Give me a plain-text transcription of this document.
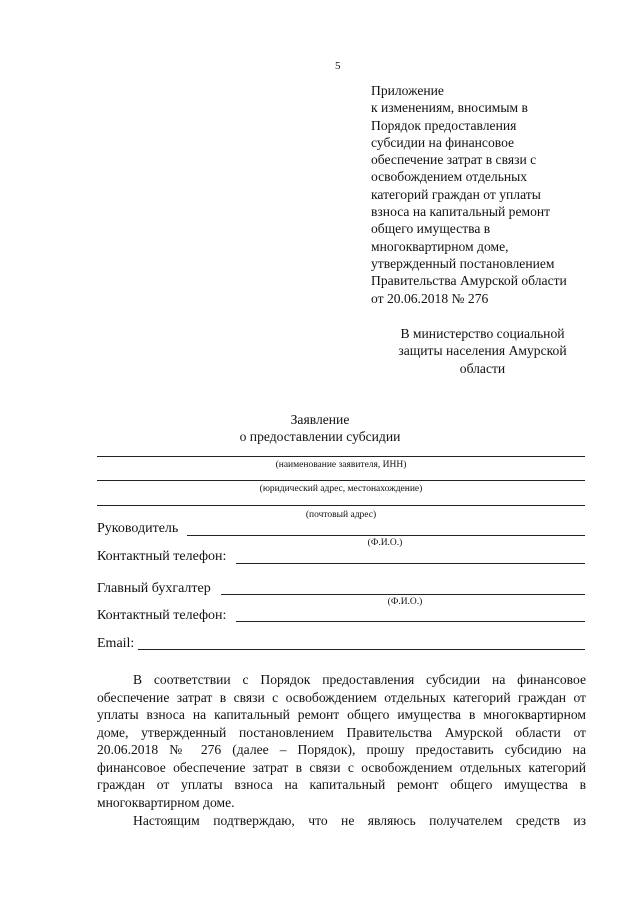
5
Приложение
к изменениям, вносимым в
Порядок предоставления
субсидии на финансовое
обеспечение затрат в связи с
освобождением отдельных
категорий граждан от уплаты
взноса на капитальный ремонт
общего имущества в
многоквартирном доме,
утвержденный постановлением
Правительства Амурской области
от 20.06.2018 № 276
В министерство социальной
защиты населения Амурской
области
Заявление
о предоставлении субсидии
(наименование заявителя, ИНН)
(юридический адрес, местонахождение)
(почтовый адрес)
Руководитель
(Ф.И.О.)
Контактный телефон:
Главный бухгалтер
(Ф.И.О.)
Контактный телефон:
Email:
В соответствии с Порядок предоставления субсидии на финансовое
обеспечение затрат в связи с освобождением отдельных категорий граждан от
уплаты взноса на капитальный ремонт общего имущества в многоквартирном
доме, утвержденный постановлением Правительства Амурской области от
20.06.2018 № 276 (далее – Порядок), прошу предоставить субсидию на
финансовое обеспечение затрат в связи с освобождением отдельных категорий
граждан от уплаты взноса на капитальный ремонт общего имущества в
многоквартирном доме.
Настоящим подтверждаю, что не являюсь получателем средств из
